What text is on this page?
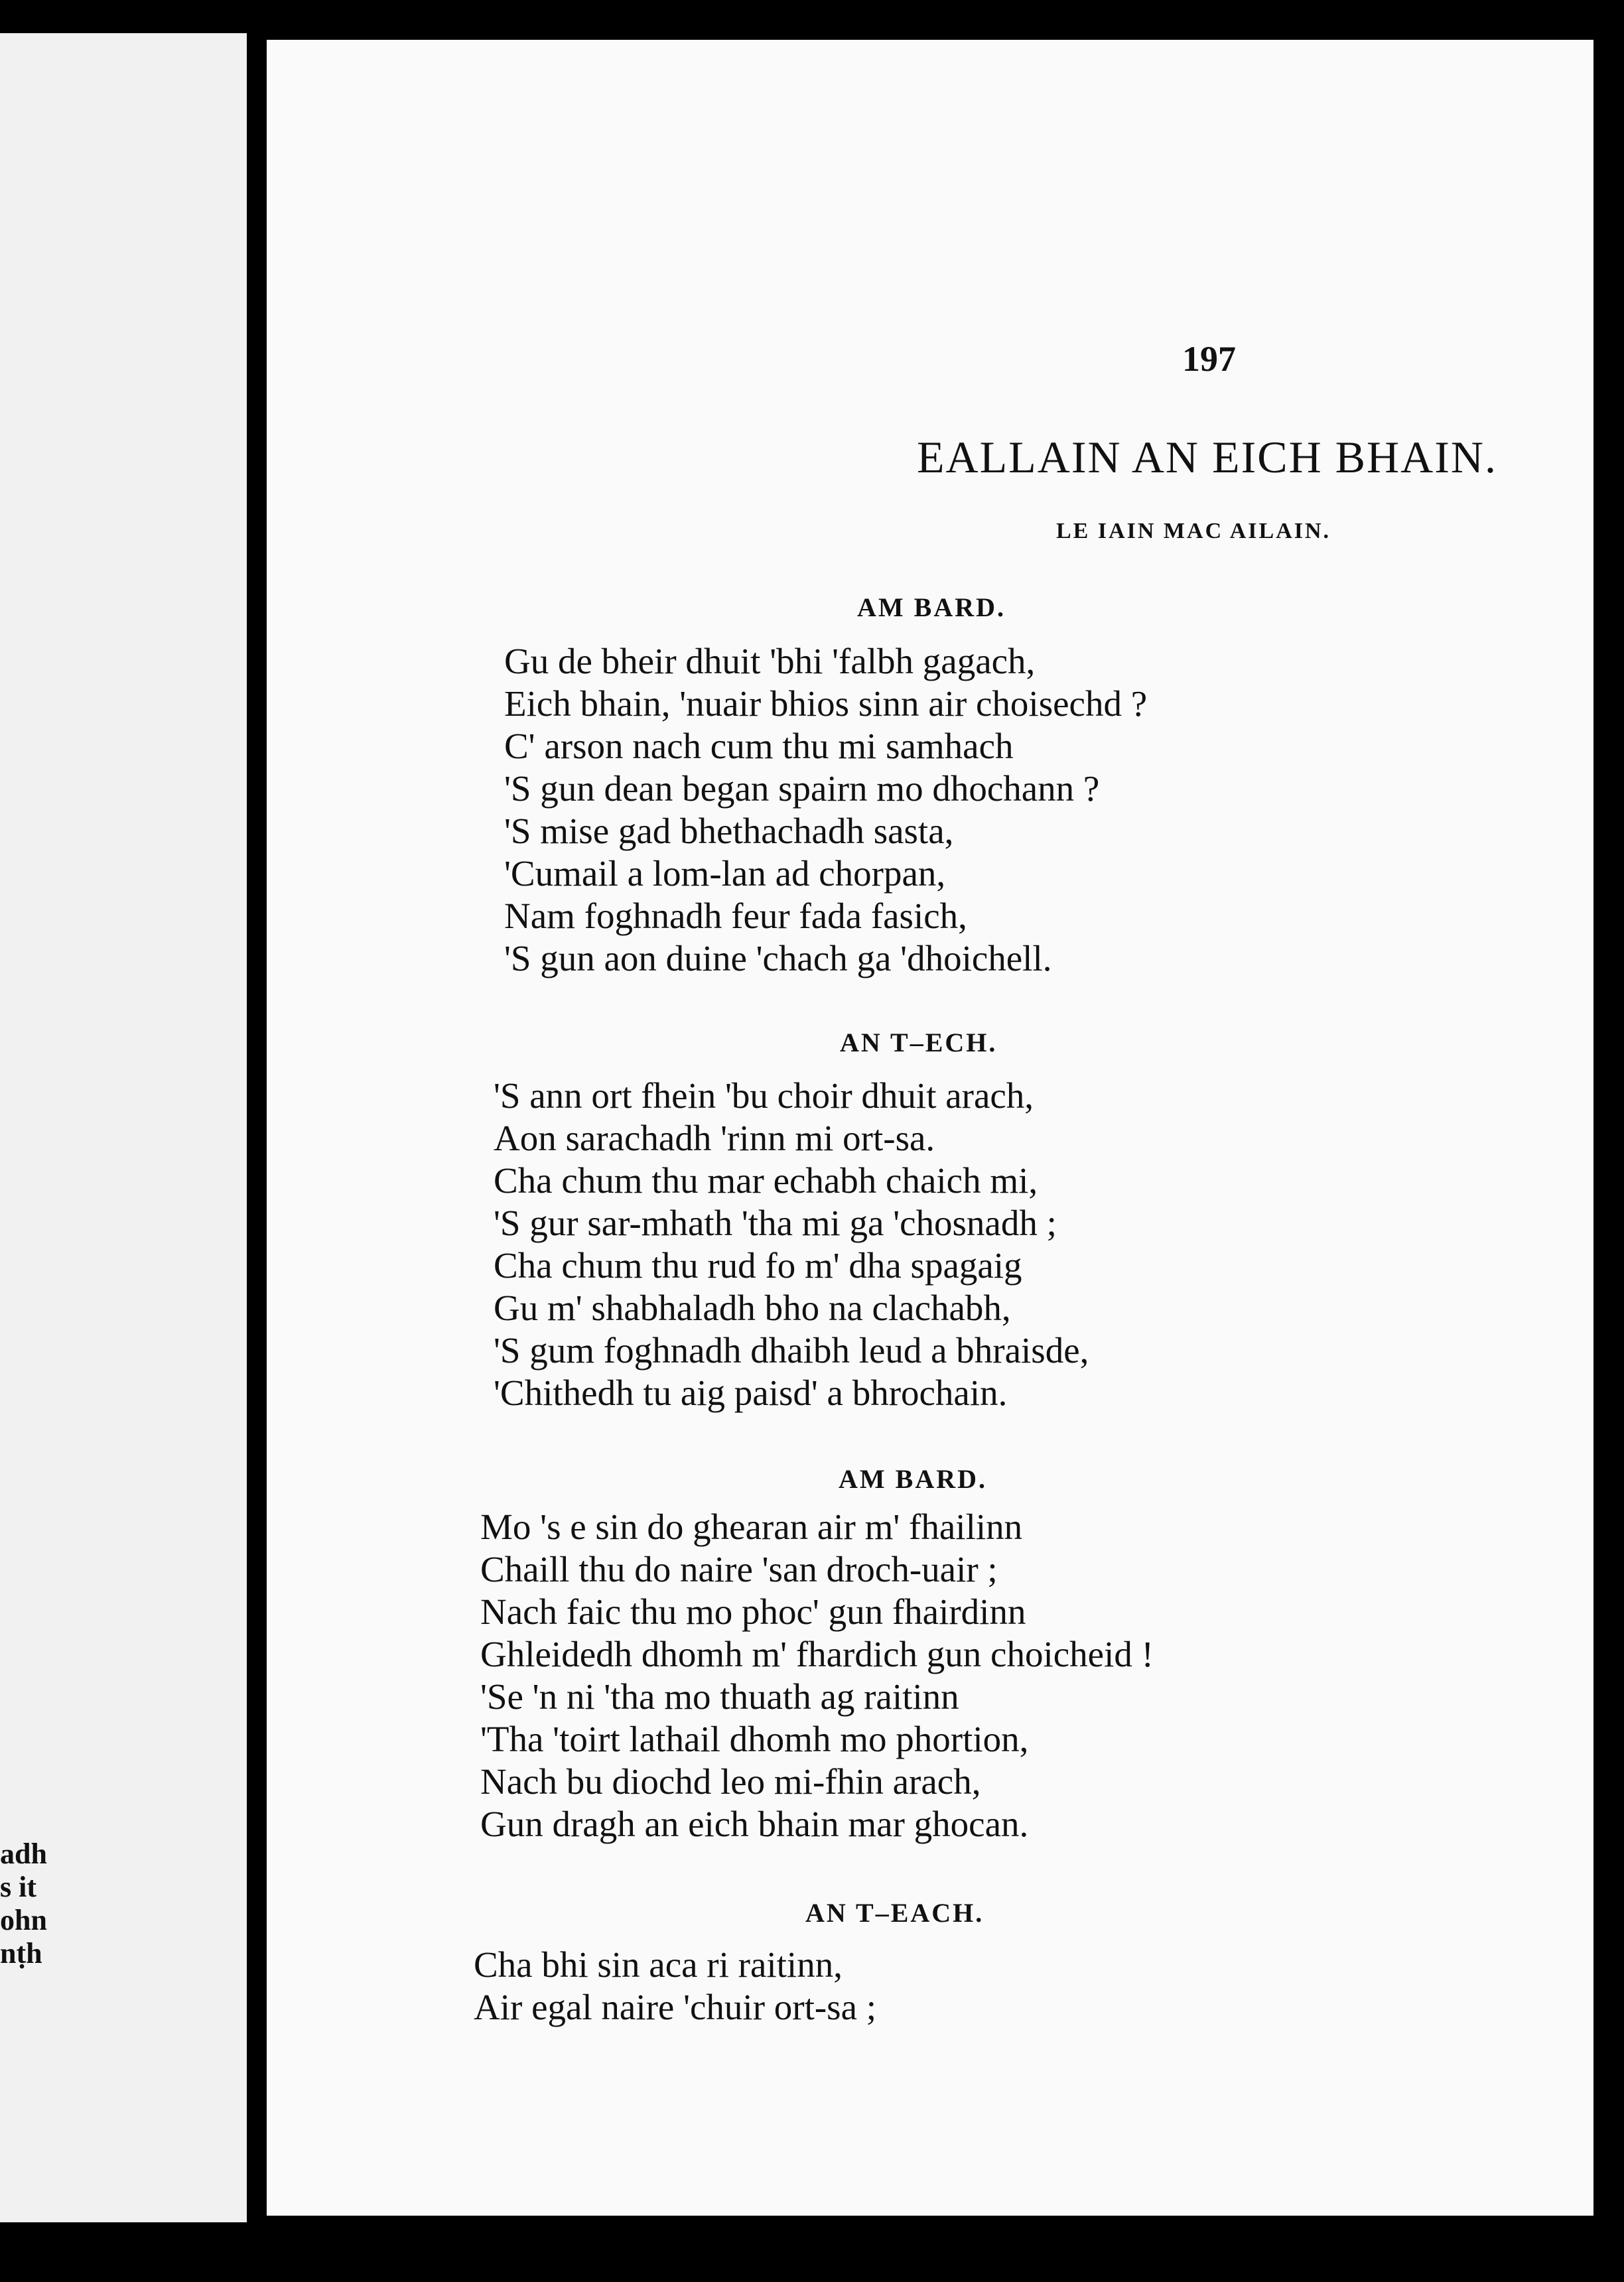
adh
s it
ohn
nṭh
197
EALLAIN AN EICH BHAIN.
LE IAIN MAC AILAIN.
AM BARD.
Gu de bheir dhuit 'bhi 'falbh gagach,
Eich bhain, 'nuair bhios sinn air choisechd ?
C' arson nach cum thu mi samhach
'S gun dean began spairn mo dhochann ?
'S mise gad bhethachadh sasta,
'Cumail a lom-lan ad chorpan,
Nam foghnadh feur fada fasich,
'S gun aon duine 'chach ga 'dhoichell.
AN T–ECH.
'S ann ort fhein 'bu choir dhuit arach,
Aon sarachadh 'rinn mi ort-sa.
Cha chum thu mar echabh chaich mi,
'S gur sar-mhath 'tha mi ga 'chosnadh ;
Cha chum thu rud fo m' dha spagaig
Gu m' shabhaladh bho na clachabh,
'S gum foghnadh dhaibh leud a bhraisde,
'Chithedh tu aig paisd' a bhrochain.
AM BARD.
Mo 's e sin do ghearan air m' fhailinn
Chaill thu do naire 'san droch-uair ;
Nach faic thu mo phoc' gun fhairdinn
Ghleidedh dhomh m' fhardich gun choicheid !
'Se 'n ni 'tha mo thuath ag raitinn
'Tha 'toirt lathail dhomh mo phortion,
Nach bu diochd leo mi-fhin arach,
Gun dragh an eich bhain mar ghocan.
AN T–EACH.
Cha bhi sin aca ri raitinn,
Air egal naire 'chuir ort-sa ;
